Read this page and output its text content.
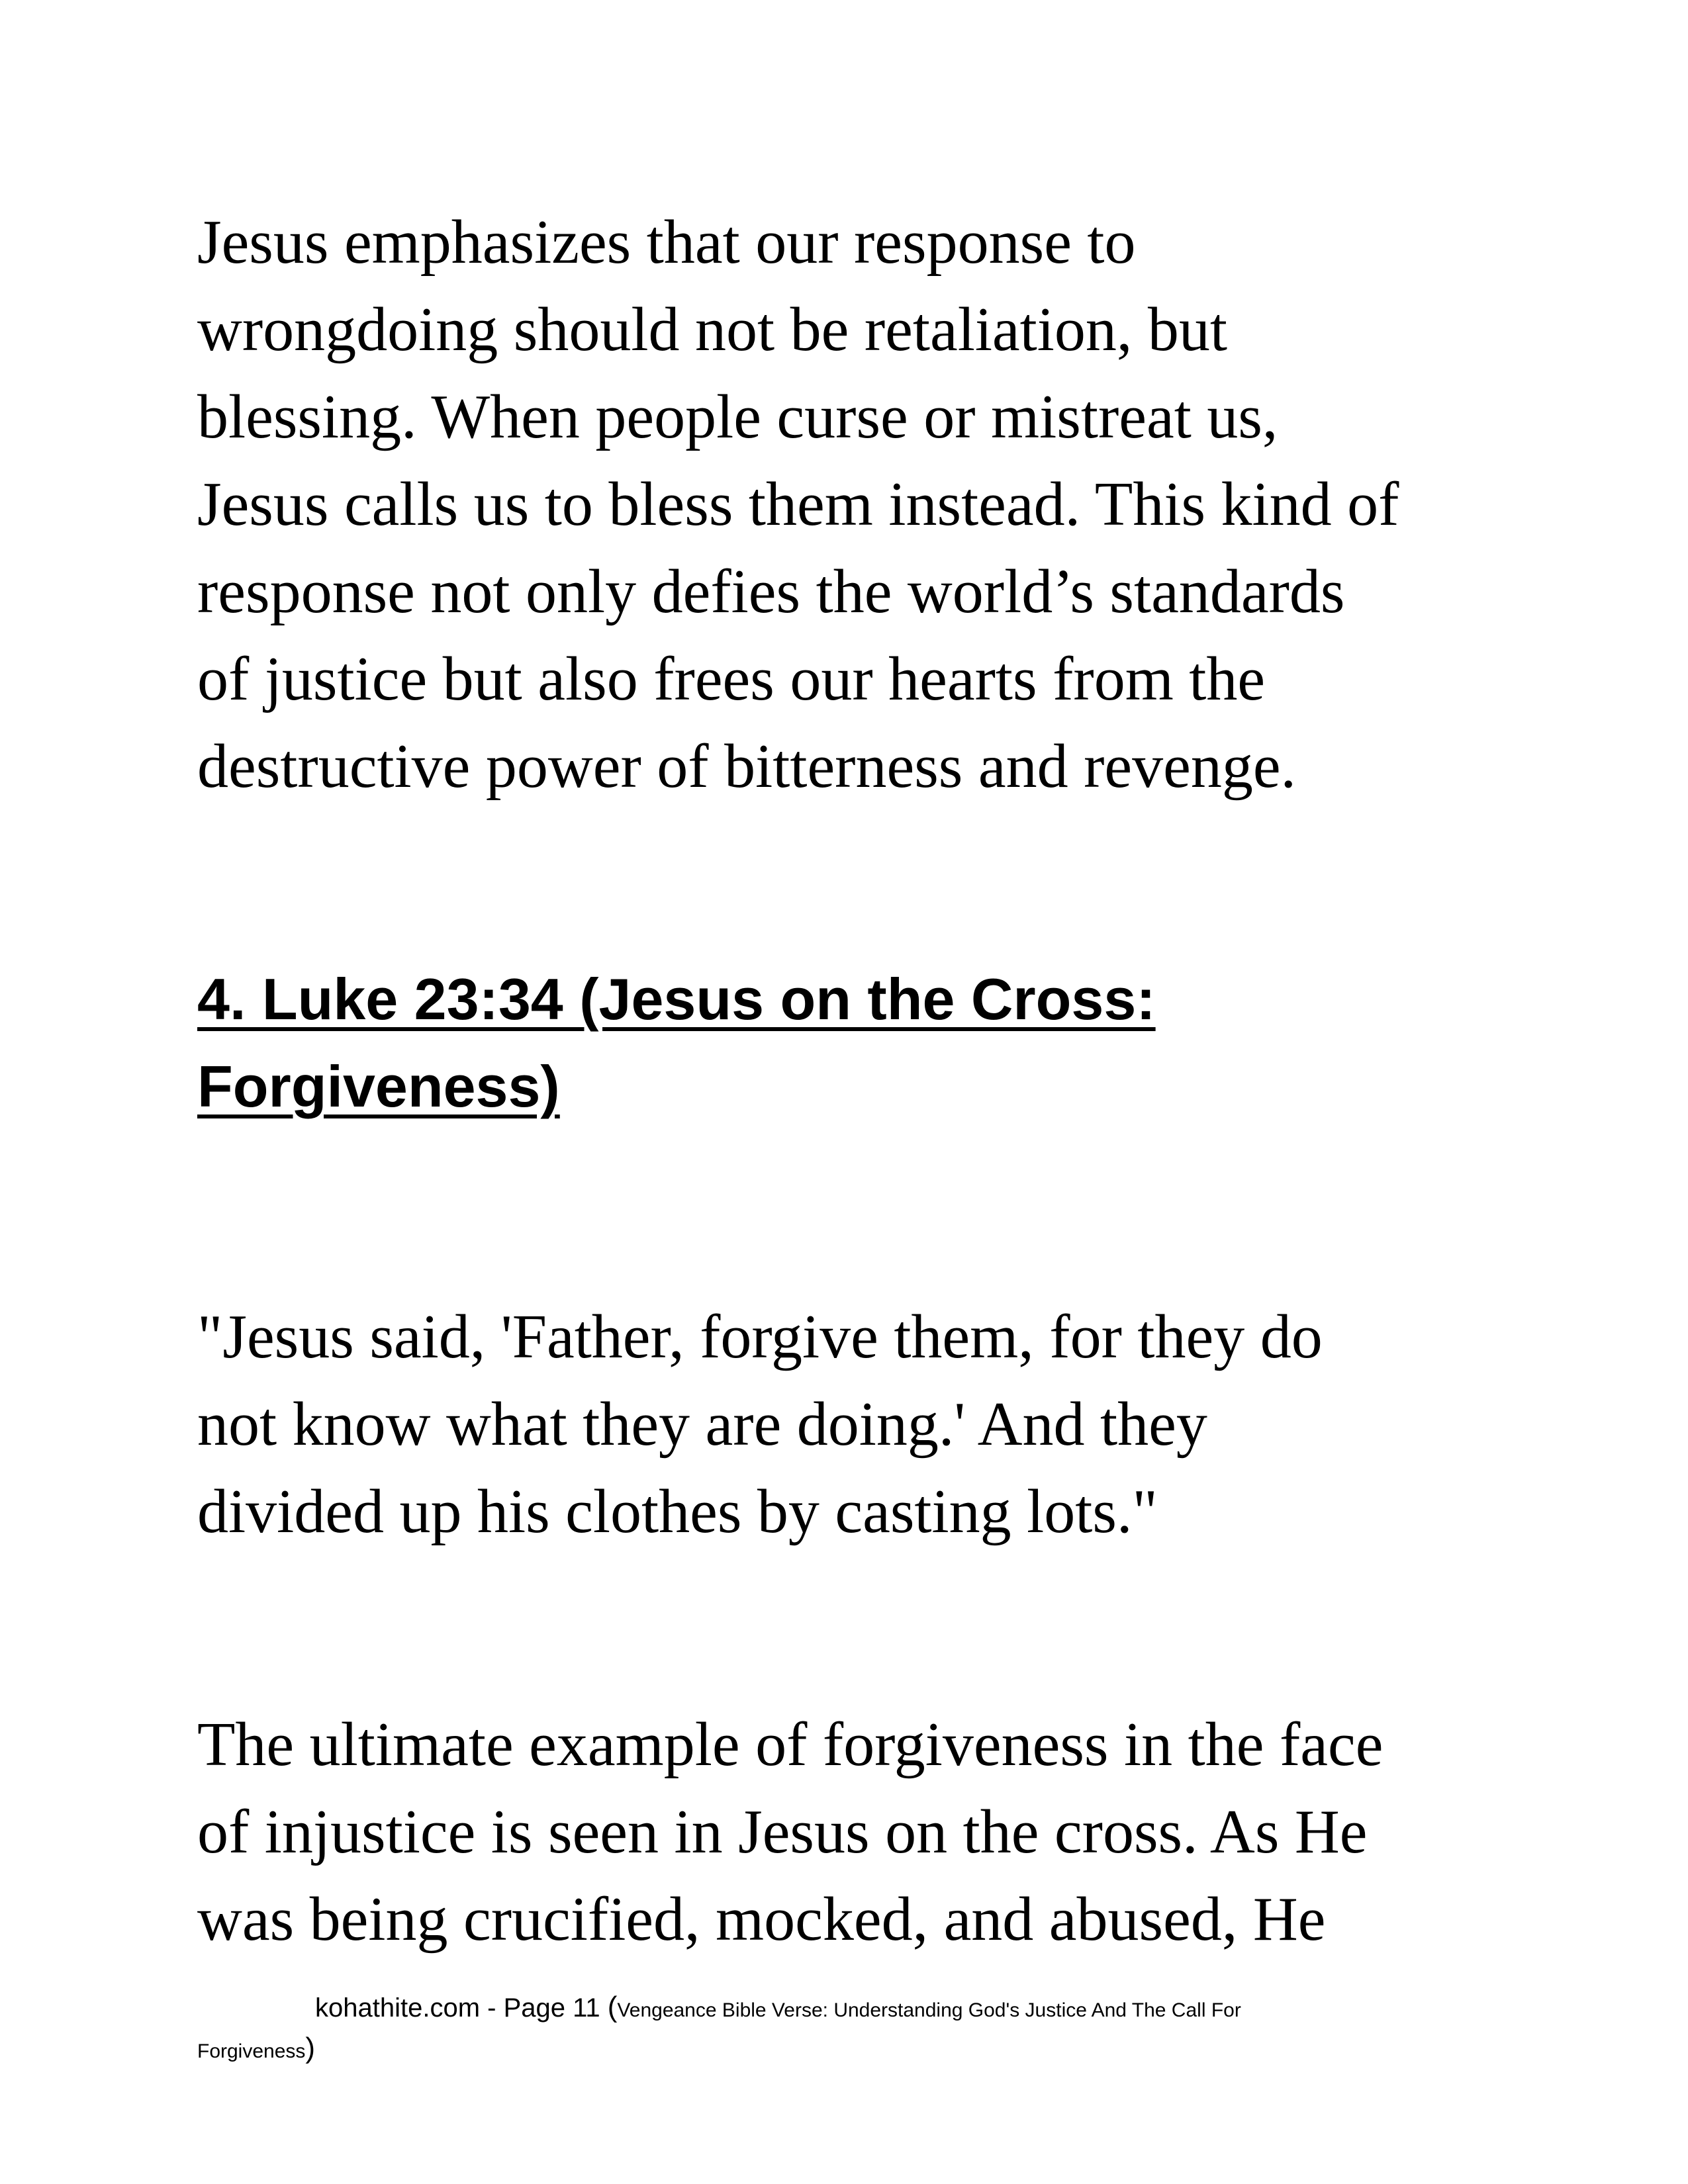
Jesus emphasizes that our response to
wrongdoing should not be retaliation, but
blessing. When people curse or mistreat us,
Jesus calls us to bless them instead. This kind of
response not only defies the world’s standards
of justice but also frees our hearts from the
destructive power of bitterness and revenge.
4. Luke 23:34 (Jesus on the Cross:
Forgiveness)
"Jesus said, 'Father, forgive them, for they do
not know what they are doing.' And they
divided up his clothes by casting lots."
The ultimate example of forgiveness in the face
of injustice is seen in Jesus on the cross. As He
was being crucified, mocked, and abused, He
kohathite.com - Page 11 (Vengeance Bible Verse: Understanding God's Justice And The Call For
Forgiveness)
